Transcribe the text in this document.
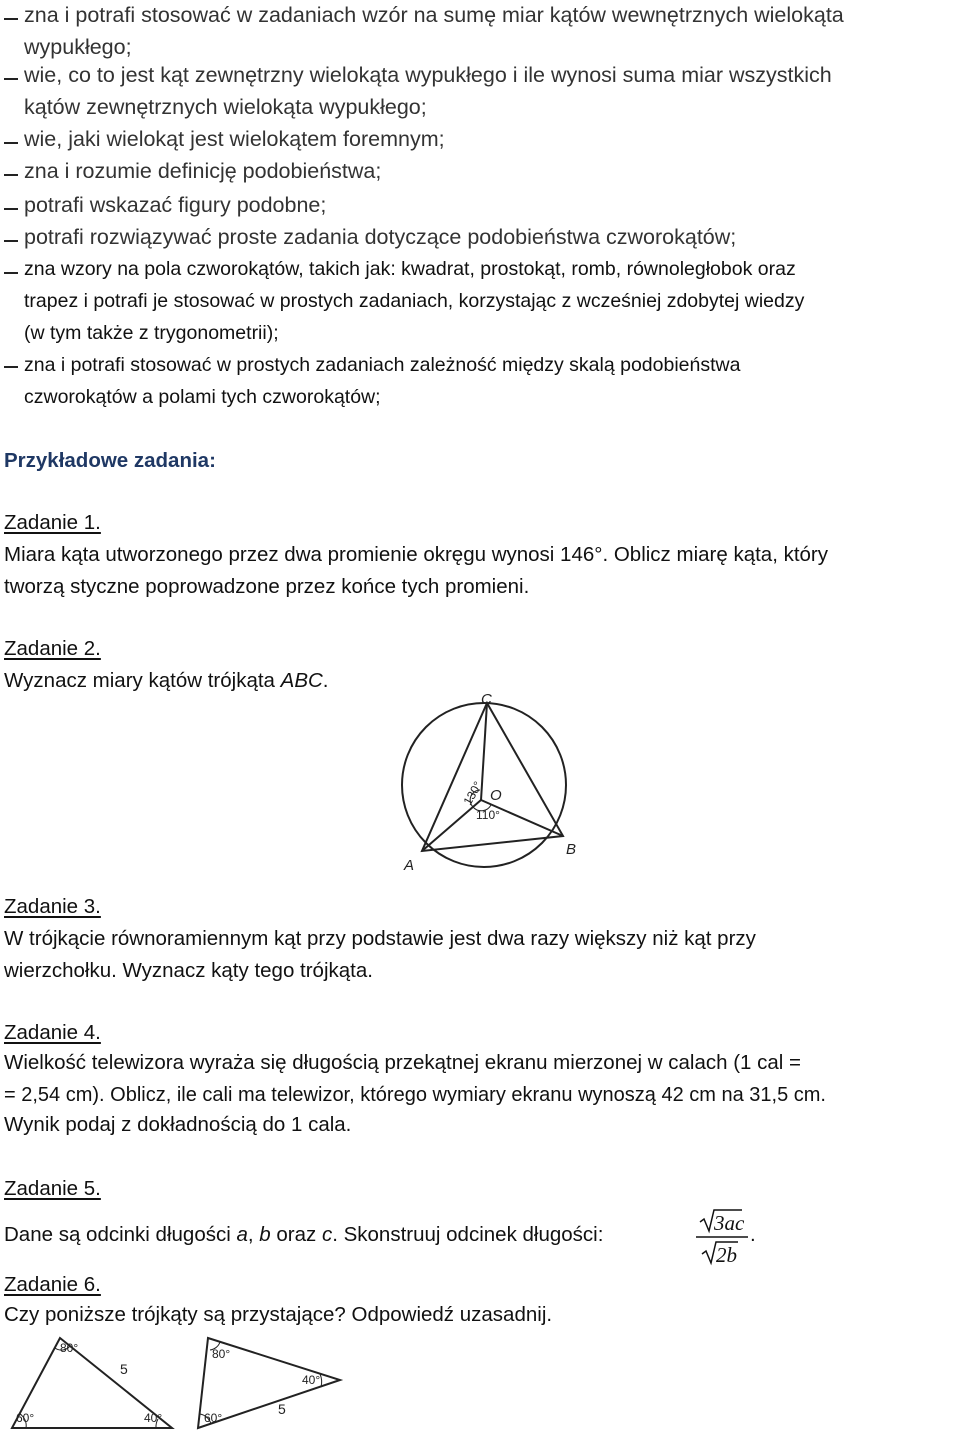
zna i potrafi stosować w zadaniach wzór na sumę miar kątów wewnętrznych wielokąta
wypukłego;
wie, co to jest kąt zewnętrzny wielokąta wypukłego i ile wynosi suma miar wszystkich
kątów zewnętrznych wielokąta wypukłego;
wie, jaki wielokąt jest wielokątem foremnym;
zna i rozumie definicję podobieństwa;
potrafi wskazać figury podobne;
potrafi rozwiązywać proste zadania dotyczące podobieństwa czworokątów;
zna wzory na pola czworokątów, takich jak: kwadrat, prostokąt, romb, równoległobok oraz
trapez i potrafi je stosować w prostych zadaniach, korzystając z wcześniej zdobytej wiedzy
(w tym także z trygonometrii);
zna i potrafi stosować w prostych zadaniach zależność między skalą podobieństwa
czworokątów a polami tych czworokątów;
Przykładowe zadania:
Zadanie 1.
Miara kąta utworzonego przez dwa promienie okręgu wynosi 146°. Oblicz miarę kąta, który
tworzą styczne poprowadzone przez końce tych promieni.
Zadanie 2.
Wyznacz miary kątów trójkąta ABC.
C
A
B
O
130°
110°
Zadanie 3.
W trójkącie równoramiennym kąt przy podstawie jest dwa razy większy niż kąt przy
wierzchołku. Wyznacz kąty tego trójkąta.
Zadanie 4.
Wielkość telewizora wyraża się długością przekątnej ekranu mierzonej w calach (1 cal =
= 2,54 cm). Oblicz, ile cali ma telewizor, którego wymiary ekranu wynoszą 42 cm na 31,5 cm.
Wynik podaj z dokładnością do 1 cala.
Zadanie 5.
Dane są odcinki długości a, b oraz c. Skonstruuj odcinek długości:	3ac
2b
.
Zadanie 6.
Czy poniższe trójkąty są przystające? Odpowiedź uzasadnij.
80°
5
60°	40°
80°
5
40°
60°
